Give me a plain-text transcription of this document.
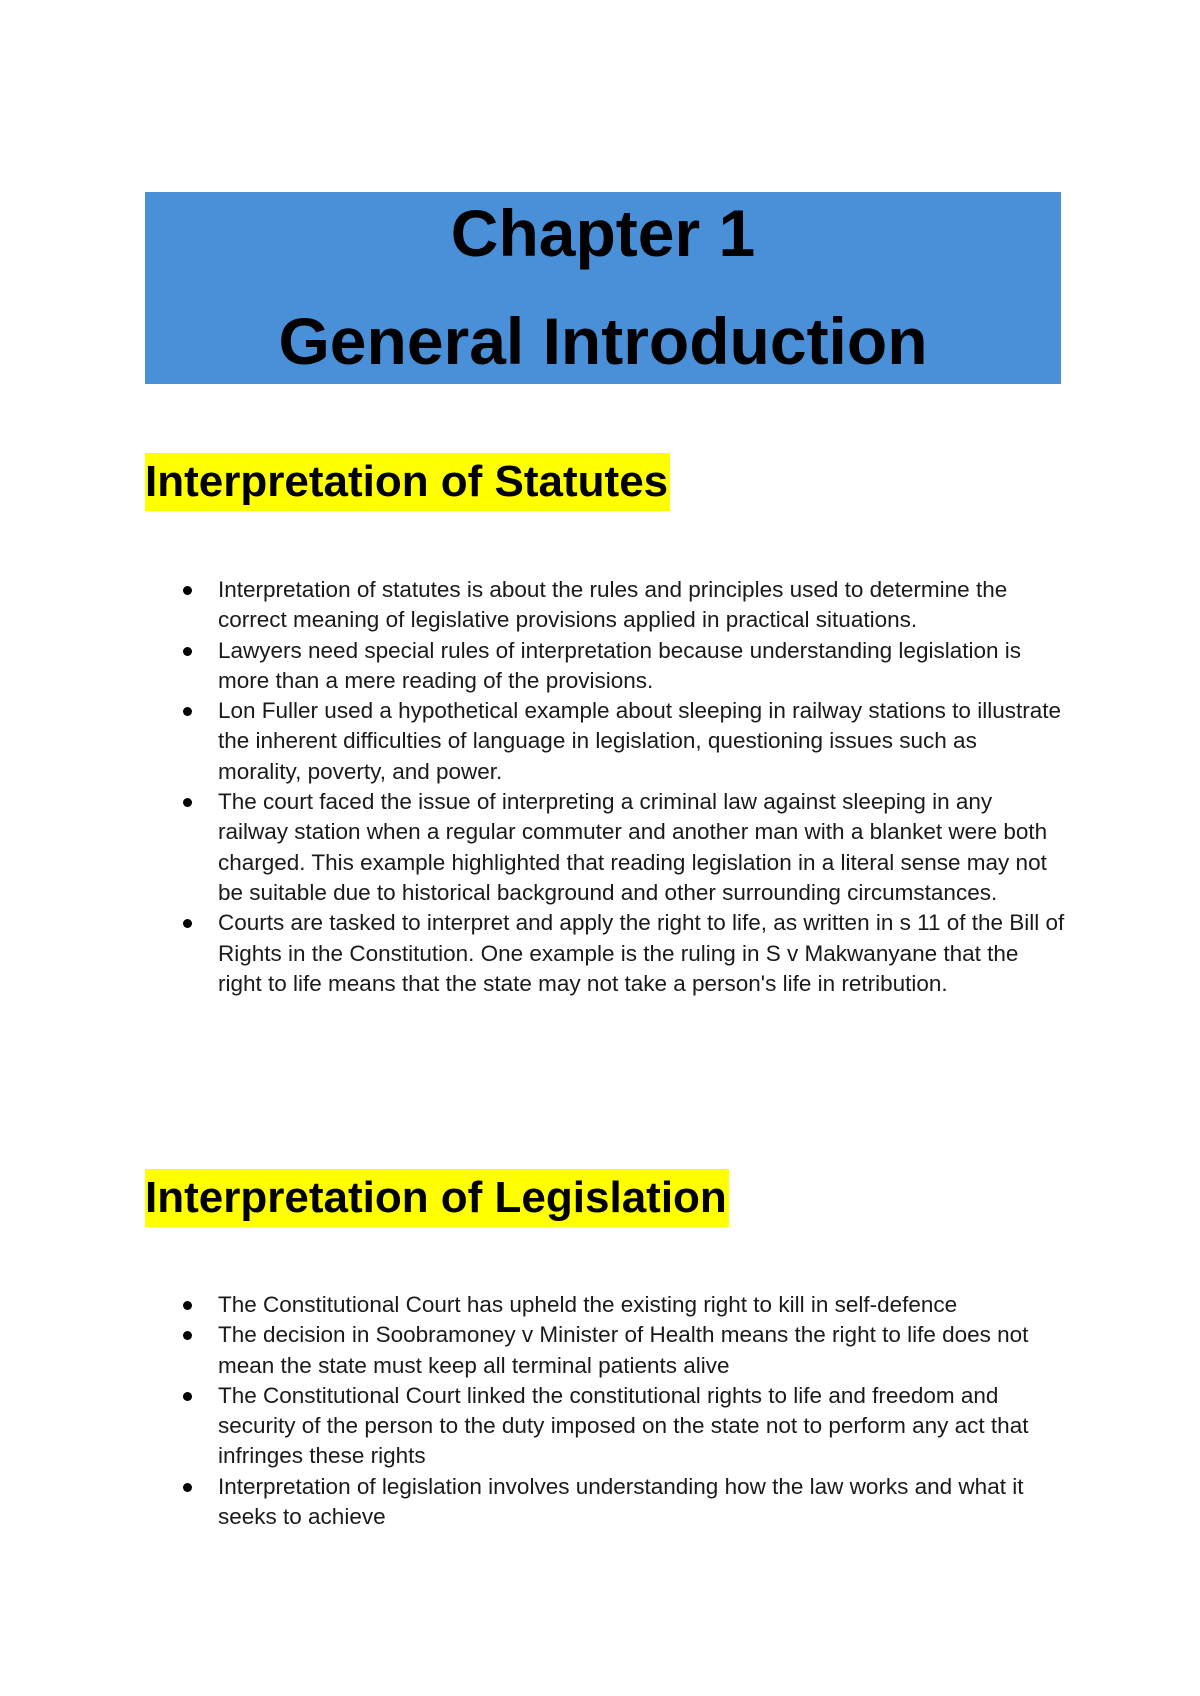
Chapter 1
General Introduction
Interpretation of Statutes
Interpretation of statutes is about the rules and principles used to determine the correct meaning of legislative provisions applied in practical situations.
Lawyers need special rules of interpretation because understanding legislation is more than a mere reading of the provisions.
Lon Fuller used a hypothetical example about sleeping in railway stations to illustrate the inherent difficulties of language in legislation, questioning issues such as morality, poverty, and power.
The court faced the issue of interpreting a criminal law against sleeping in any railway station when a regular commuter and another man with a blanket were both charged. This example highlighted that reading legislation in a literal sense may not be suitable due to historical background and other surrounding circumstances.
Courts are tasked to interpret and apply the right to life, as written in s 11 of the Bill of Rights in the Constitution. One example is the ruling in S v Makwanyane that the right to life means that the state may not take a person's life in retribution.
Interpretation of Legislation
The Constitutional Court has upheld the existing right to kill in self-defence
The decision in Soobramoney v Minister of Health means the right to life does not mean the state must keep all terminal patients alive
The Constitutional Court linked the constitutional rights to life and freedom and security of the person to the duty imposed on the state not to perform any act that infringes these rights
Interpretation of legislation involves understanding how the law works and what it seeks to achieve
